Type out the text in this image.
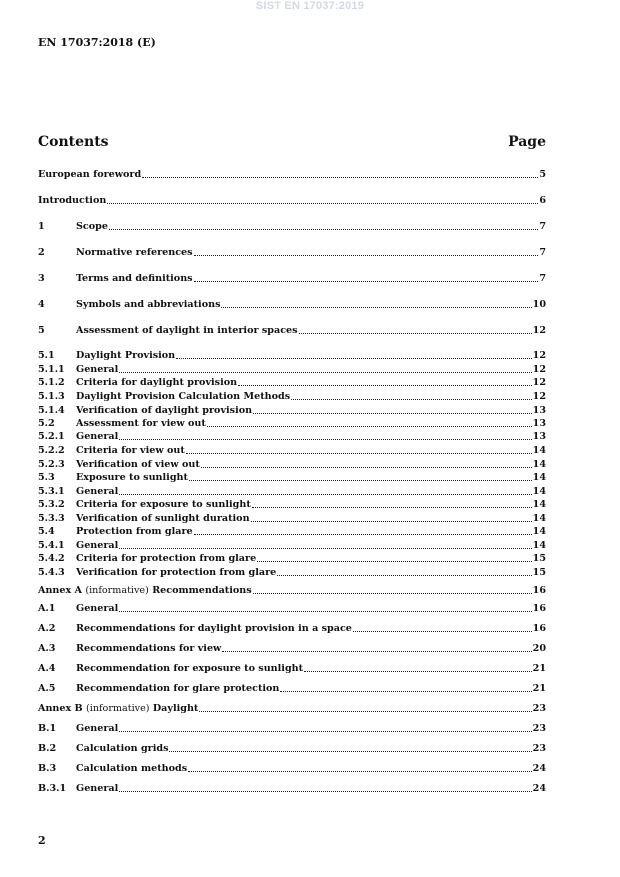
SIST EN 17037:2019
EN 17037:2018 (E)
Contents	Page
European foreword	5
Introduction	6
1	Scope	7
2	Normative references	7
3	Terms and definitions	7
4	Symbols and abbreviations	10
5	Assessment of daylight in interior spaces	12
5.1	Daylight Provision	12
5.1.1	General	12
5.1.2	Criteria for daylight provision	12
5.1.3	Daylight Provision Calculation Methods	12
5.1.4	Verification of daylight provision	13
5.2	Assessment for view out	13
5.2.1	General	13
5.2.2	Criteria for view out	14
5.2.3	Verification of view out	14
5.3	Exposure to sunlight	14
5.3.1	General	14
5.3.2	Criteria for exposure to sunlight	14
5.3.3	Verification of sunlight duration	14
5.4	Protection from glare	14
5.4.1	General	14
5.4.2	Criteria for protection from glare	15
5.4.3	Verification for protection from glare	15
Annex A (informative) Recommendations	16
A.1	General	16
A.2	Recommendations for daylight provision in a space	16
A.3	Recommendations for view	20
A.4	Recommendation for exposure to sunlight	21
A.5	Recommendation for glare protection	21
Annex B (informative) Daylight	23
B.1	General	23
B.2	Calculation grids	23
B.3	Calculation methods	24
B.3.1	General	24
2
